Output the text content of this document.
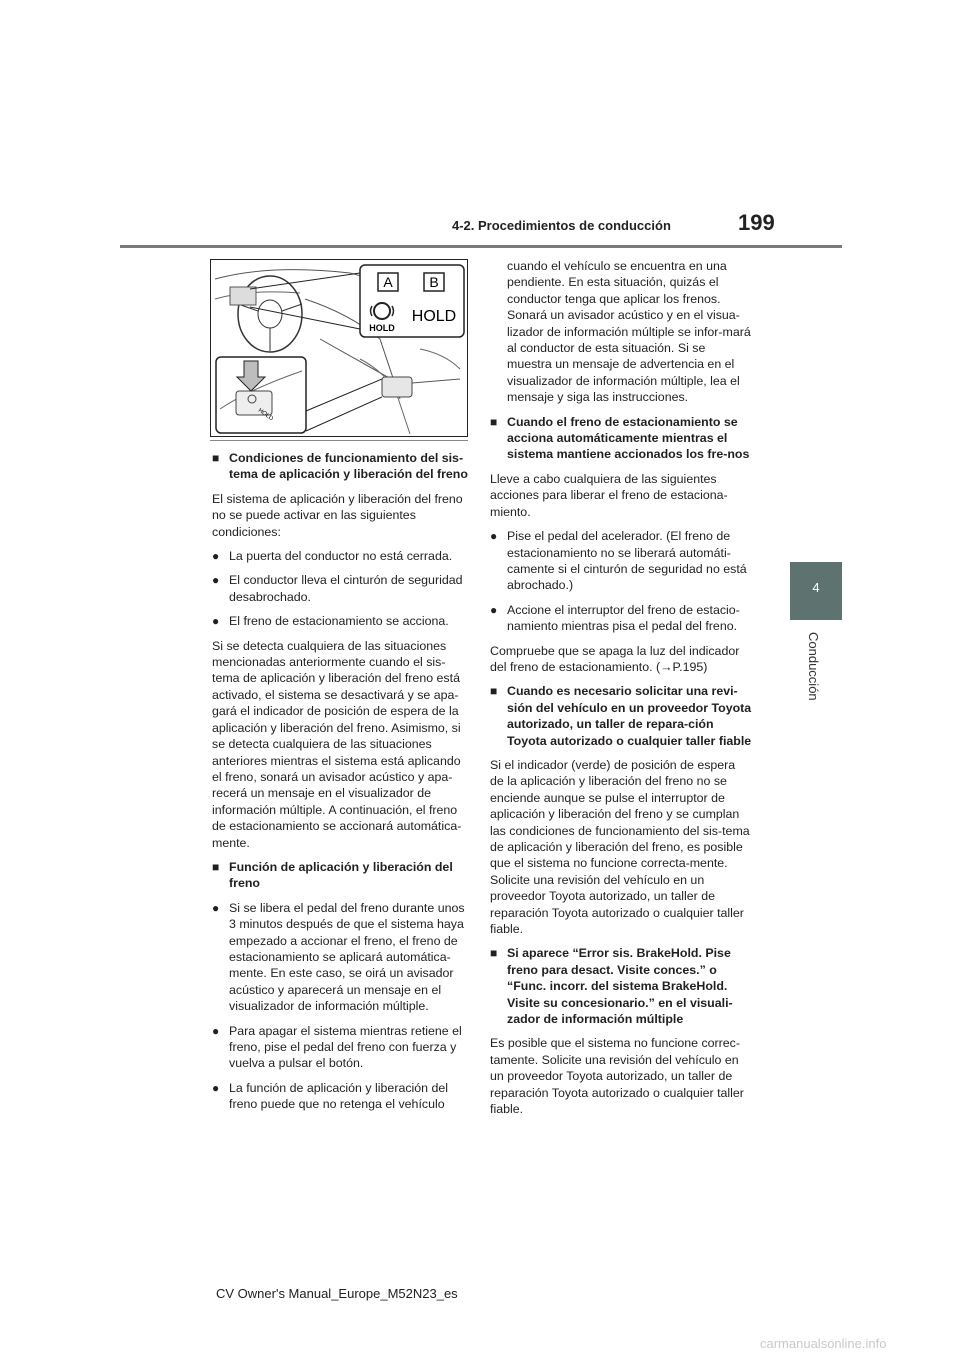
4-2. Procedimientos de conducción	199
4
Conducción
A	B
HOLD
HOLD
HOLD
■ Condiciones de funcionamiento del sis-tema de aplicación y liberación del freno
El sistema de aplicación y liberación del freno no se puede activar en las siguientes condiciones:
● La puerta del conductor no está cerrada.
● El conductor lleva el cinturón de seguridad desabrochado.
● El freno de estacionamiento se acciona.
Si se detecta cualquiera de las situaciones mencionadas anteriormente cuando el sis-tema de aplicación y liberación del freno está activado, el sistema se desactivará y se apa-gará el indicador de posición de espera de la aplicación y liberación del freno. Asimismo, si se detecta cualquiera de las situaciones anteriores mientras el sistema está aplicando el freno, sonará un avisador acústico y apa-recerá un mensaje en el visualizador de información múltiple. A continuación, el freno de estacionamiento se accionará automática-mente.
■ Función de aplicación y liberación del freno
● Si se libera el pedal del freno durante unos 3 minutos después de que el sistema haya empezado a accionar el freno, el freno de estacionamiento se aplicará automática-mente. En este caso, se oirá un avisador acústico y aparecerá un mensaje en el visualizador de información múltiple.
● Para apagar el sistema mientras retiene el freno, pise el pedal del freno con fuerza y vuelva a pulsar el botón.
● La función de aplicación y liberación del freno puede que no retenga el vehículo
cuando el vehículo se encuentra en una pendiente. En esta situación, quizás el conductor tenga que aplicar los frenos. Sonará un avisador acústico y en el visua-lizador de información múltiple se infor-mará al conductor de esta situación. Si se muestra un mensaje de advertencia en el visualizador de información múltiple, lea el mensaje y siga las instrucciones.
■ Cuando el freno de estacionamiento se acciona automáticamente mientras el sistema mantiene accionados los fre-nos
Lleve a cabo cualquiera de las siguientes acciones para liberar el freno de estaciona-miento.
● Pise el pedal del acelerador. (El freno de estacionamiento no se liberará automáti-camente si el cinturón de seguridad no está abrochado.)
● Accione el interruptor del freno de estacio-namiento mientras pisa el pedal del freno.
Compruebe que se apaga la luz del indicador del freno de estacionamiento. (→P.195)
■ Cuando es necesario solicitar una revi-sión del vehículo en un proveedor Toyota autorizado, un taller de repara-ción Toyota autorizado o cualquier taller fiable
Si el indicador (verde) de posición de espera de la aplicación y liberación del freno no se enciende aunque se pulse el interruptor de aplicación y liberación del freno y se cumplan las condiciones de funcionamiento del sis-tema de aplicación y liberación del freno, es posible que el sistema no funcione correcta-mente. Solicite una revisión del vehículo en un proveedor Toyota autorizado, un taller de reparación Toyota autorizado o cualquier taller fiable.
■ Si aparece “Error sis. BrakeHold. Pise freno para desact. Visite conces.” o “Func. incorr. del sistema BrakeHold. Visite su concesionario.” en el visuali-zador de información múltiple
Es posible que el sistema no funcione correc-tamente. Solicite una revisión del vehículo en un proveedor Toyota autorizado, un taller de reparación Toyota autorizado o cualquier taller fiable.
CV Owner's Manual_Europe_M52N23_es
carmanualsonline.info
